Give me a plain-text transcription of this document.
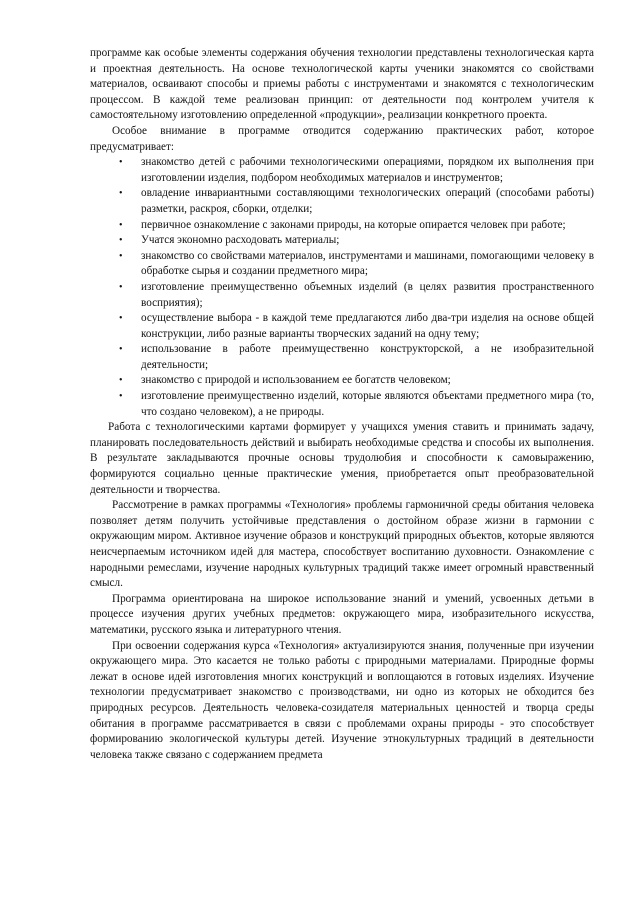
программе как особые элементы содержания обучения технологии представлены технологическая карта и проектная деятельность. На основе технологической карты ученики знакомятся со свойствами материалов, осваивают способы и приемы работы с инструментами и знакомятся с технологическим процессом. В каждой теме реализован принцип: от деятельности под контролем учителя к самостоятельному изготовлению определенной «продукции», реализации конкретного проекта.

Особое внимание в программе отводится содержанию практических работ, которое предусматривает:

• знакомство детей с рабочими технологическими операциями, порядком их выполнения при изготовлении изделия, подбором необходимых материалов и инструментов;
• овладение инвариантными составляющими технологических операций (способами работы) разметки, раскроя, сборки, отделки;
• первичное ознакомление с законами природы, на которые опирается человек при работе;
• Учатся экономно расходовать материалы;
• знакомство со свойствами материалов, инструментами и машинами, помогающими человеку в обработке сырья и создании предметного мира;
• изготовление преимущественно объемных изделий (в целях развития пространственного восприятия);
• осуществление выбора - в каждой теме предлагаются либо два-три изделия на основе общей конструкции, либо разные варианты творческих заданий на одну тему;
• использование в работе преимущественно конструкторской, а не изобразительной деятельности;
• знакомство с природой и использованием ее богатств человеком;
• изготовление преимущественно изделий, которые являются объектами предметного мира (то, что создано человеком), а не природы.

Работа с технологическими картами формирует у учащихся умения ставить и принимать задачу, планировать последовательность действий и выбирать необходимые средства и способы их выполнения. В результате закладываются прочные основы трудолюбия и способности к самовыражению, формируются социально ценные практические умения, приобретается опыт преобразовательной деятельности и творчества.

Рассмотрение в рамках программы «Технология» проблемы гармоничной среды обитания человека позволяет детям получить устойчивые представления о достойном образе жизни в гармонии с окружающим миром. Активное изучение образов и конструкций природных объектов, которые являются неисчерпаемым источником идей для мастера, способствует воспитанию духовности. Ознакомление с народными ремеслами, изучение народных культурных традиций также имеет огромный нравственный смысл.

Программа ориентирована на широкое использование знаний и умений, усвоенных детьми в процессе изучения других учебных предметов: окружающего мира, изобразительного искусства, математики, русского языка и литературного чтения.

При освоении содержания курса «Технология» актуализируются знания, полученные при изучении окружающего мира. Это касается не только работы с природными материалами. Природные формы лежат в основе идей изготовления многих конструкций и воплощаются в готовых изделиях. Изучение технологии предусматривает знакомство с производствами, ни одно из которых не обходится без природных ресурсов. Деятельность человека-созидателя материальных ценностей и творца среды обитания в программе рассматривается в связи с проблемами охраны природы - это способствует формированию экологической культуры детей. Изучение этнокультурных традиций в деятельности человека также связано с содержанием предмета
